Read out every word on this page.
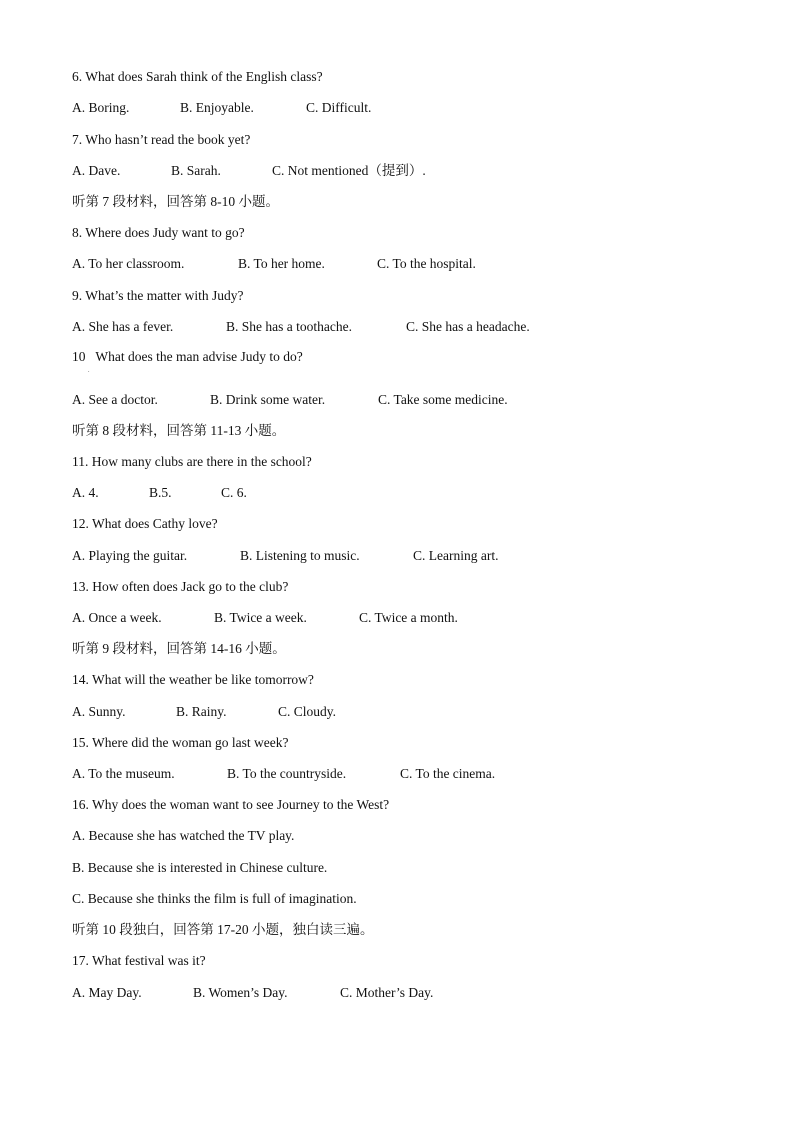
6. What does Sarah think of the English class?
A. Boring.	B. Enjoyable.	C. Difficult.
7. Who hasn’t read the book yet?
A. Dave.	B. Sarah.	C. Not mentioned（提到）.
听第 7 段材料，回答第 8-10 小题。
8. Where does Judy want to go?
A. To her classroom.	B. To her home.	C. To the hospital.
9. What’s the matter with Judy?
A. She has a fever.	B. She has a toothache.	C. She has a headache.
10   What does the man advise Judy to do?
.
A. See a doctor.	B. Drink some water.	C. Take some medicine.
听第 8 段材料，回答第 11-13 小题。
11. How many clubs are there in the school?
A. 4.	B.5.	C. 6.
12. What does Cathy love?
A. Playing the guitar.	B. Listening to music.	C. Learning art.
13. How often does Jack go to the club?
A. Once a week.	B. Twice a week.	C. Twice a month.
听第 9 段材料，回答第 14-16 小题。
14. What will the weather be like tomorrow?
A. Sunny.	B. Rainy.	C. Cloudy.
15. Where did the woman go last week?
A. To the museum.	B. To the countryside.	C. To the cinema.
16. Why does the woman want to see Journey to the West?
A. Because she has watched the TV play.
B. Because she is interested in Chinese culture.
C. Because she thinks the film is full of imagination.
听第 10 段独白，回答第 17-20 小题，独白读三遍。
17. What festival was it?
A. May Day.	B. Women’s Day.	C. Mother’s Day.
